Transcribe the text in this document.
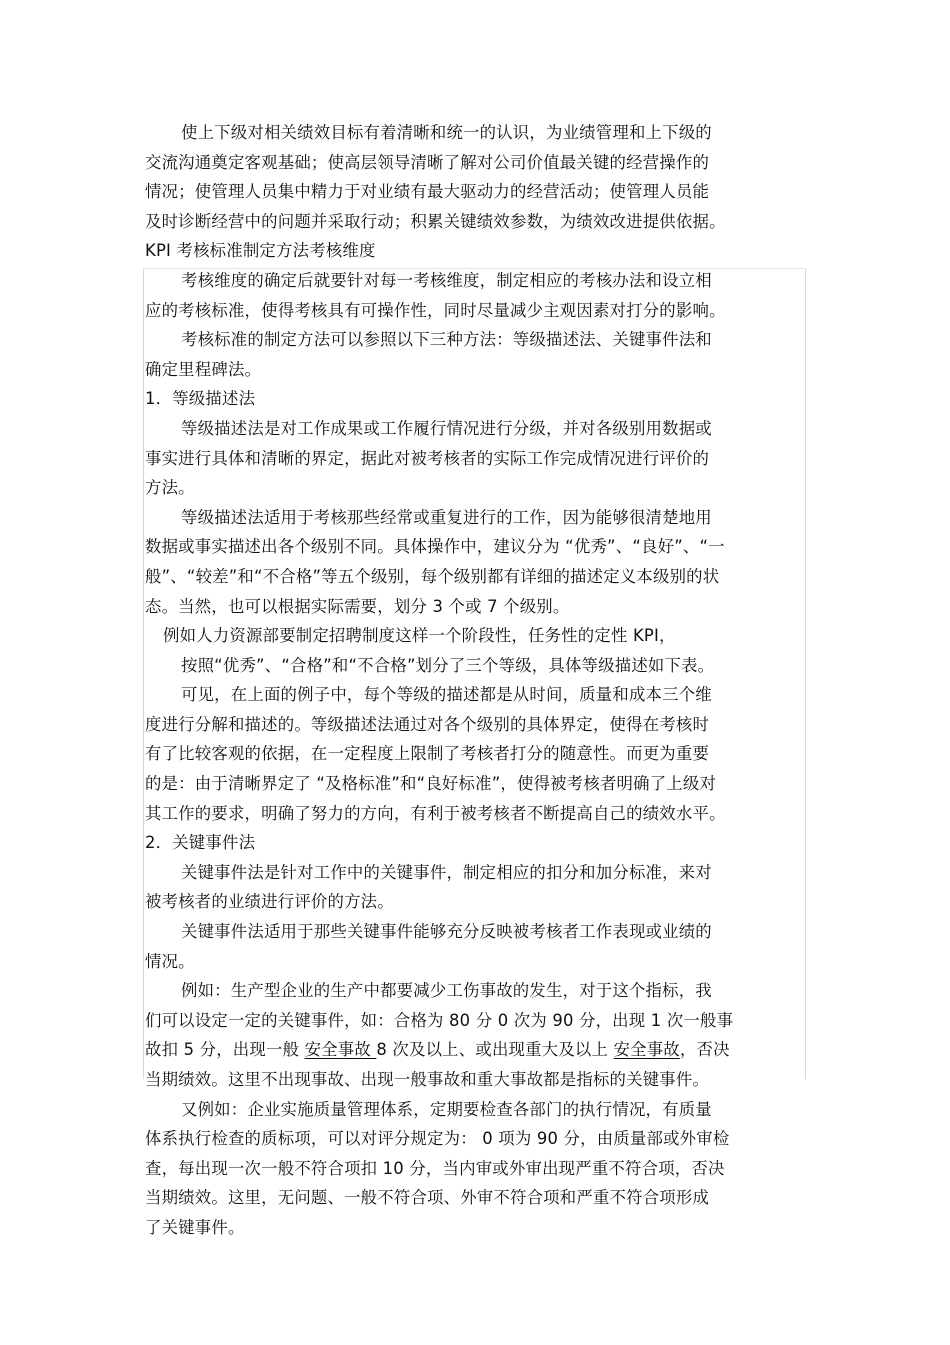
使上下级对相关绩效目标有着清晰和统一的认识，为业绩管理和上下级的
交流沟通奠定客观基础；使高层领导清晰了解对公司价值最关键的经营操作的
情况；使管理人员集中精力于对业绩有最大驱动力的经营活动；使管理人员能
及时诊断经营中的问题并采取行动；积累关键绩效参数，为绩效改进提供依据。
KPI 考核标准制定方法考核维度
考核维度的确定后就要针对每一考核维度，制定相应的考核办法和设立相
应的考核标准，使得考核具有可操作性，同时尽量减少主观因素对打分的影响。
考核标准的制定方法可以参照以下三种方法：等级描述法、关键事件法和
确定里程碑法。
1．等级描述法
等级描述法是对工作成果或工作履行情况进行分级，并对各级别用数据或
事实进行具体和清晰的界定，据此对被考核者的实际工作完成情况进行评价的
方法。
等级描述法适用于考核那些经常或重复进行的工作，因为能够很清楚地用
数据或事实描述出各个级别不同。具体操作中，建议分为 “优秀”、“良好”、“一
般”、“较差”和“不合格”等五个级别，每个级别都有详细的描述定义本级别的状
态。当然，也可以根据实际需要，划分 3 个或 7 个级别。
例如人力资源部要制定招聘制度这样一个阶段性，任务性的定性 KPI，
按照“优秀”、“合格”和“不合格”划分了三个等级，具体等级描述如下表。
可见，在上面的例子中，每个等级的描述都是从时间，质量和成本三个维
度进行分解和描述的。等级描述法通过对各个级别的具体界定，使得在考核时
有了比较客观的依据，在一定程度上限制了考核者打分的随意性。而更为重要
的是：由于清晰界定了 “及格标准”和“良好标准”，使得被考核者明确了上级对
其工作的要求，明确了努力的方向，有利于被考核者不断提高自己的绩效水平。
2．关键事件法
关键事件法是针对工作中的关键事件，制定相应的扣分和加分标准，来对
被考核者的业绩进行评价的方法。
关键事件法适用于那些关键事件能够充分反映被考核者工作表现或业绩的
情况。
例如：生产型企业的生产中都要减少工伤事故的发生，对于这个指标，我
们可以设定一定的关键事件，如：合格为 80 分 0 次为 90 分，出现 1 次一般事
故扣 5 分，出现一般 安全事故 8 次及以上、或出现重大及以上 安全事故，否决
当期绩效。这里不出现事故、出现一般事故和重大事故都是指标的关键事件。
又例如：企业实施质量管理体系，定期要检查各部门的执行情况，有质量
体系执行检查的质标项，可以对评分规定为： 0 项为 90 分，由质量部或外审检
查，每出现一次一般不符合项扣 10 分，当内审或外审出现严重不符合项，否决
当期绩效。这里，无问题、一般不符合项、外审不符合项和严重不符合项形成
了关键事件。
